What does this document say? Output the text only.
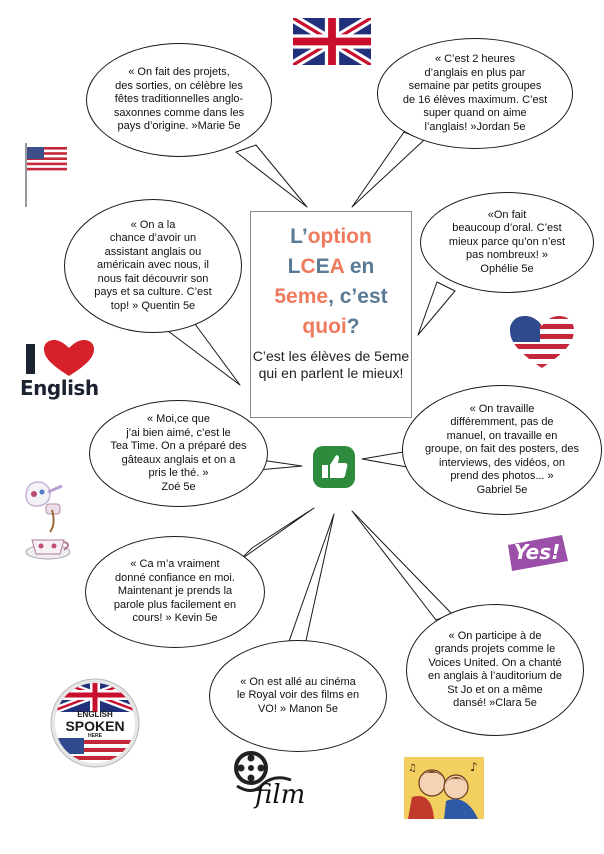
« On fait des projets,
des sorties, on célèbre les
fêtes traditionnelles anglo-
saxonnes comme dans les
pays d’origine. »Marie 5e

« C’est 2 heures
d’anglais en plus par
semaine par petits groupes
de 16 élèves maximum. C’est
super quand on aime
l’anglais! »Jordan 5e

« On a la
chance d’avoir un
assistant anglais ou
américain avec nous, il
nous fait découvrir son
pays et sa culture. C’est
top! » Quentin 5e

«On fait
beaucoup d’oral. C’est
mieux parce qu’on n’est
pas nombreux! »
Ophélie 5e

« Moi,ce que
j’ai bien aimé, c’est le
Tea Time. On a préparé des
gâteaux anglais et on a
pris le thé. »
Zoé 5e

« On travaille
différemment, pas de
manuel, on travaille en
groupe, on fait des posters, des
interviews, des vidéos, on
prend des photos... »
Gabriel 5e

« Ca m’a vraiment
donné confiance en moi.
Maintenant je prends la
parole plus facilement en
cours! » Kevin 5e

« On participe à de
grands projets comme le
Voices United. On a chanté
en anglais à l’auditorium de
St Jo et on a même
dansé! »Clara 5e

« On est allé au cinéma
le Royal voir des films en
VO! » Manon 5e

L’option
LCEA en
5eme, c’est
quoi?

C’est les élèves de 5eme qui en parlent le mieux!

English
Yes!
ENGLISH
SPOKEN
HERE
film
♪
♫
